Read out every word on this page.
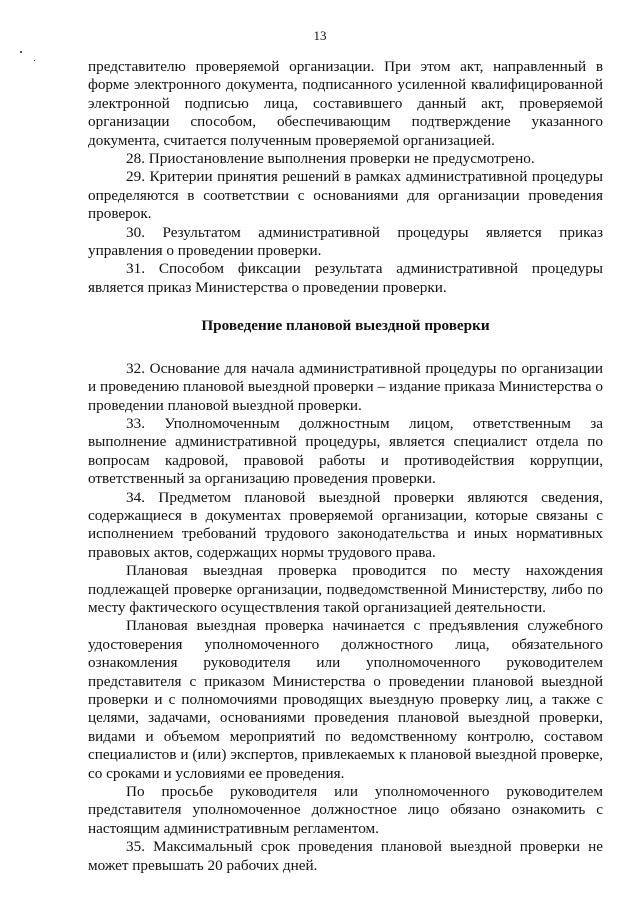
13

представителю проверяемой организации. При этом акт, направленный в форме электронного документа, подписанного усиленной квалифицированной электронной подписью лица, составившего данный акт, проверяемой организации способом, обеспечивающим подтверждение указанного документа, считается полученным проверяемой организацией.

28. Приостановление выполнения проверки не предусмотрено.

29. Критерии принятия решений в рамках административной процедуры определяются в соответствии с основаниями для организации проведения проверок.

30. Результатом административной процедуры является приказ управления о проведении проверки.

31. Способом фиксации результата административной процедуры является приказ Министерства о проведении проверки.

Проведение плановой выездной проверки

32. Основание для начала административной процедуры по организации и проведению плановой выездной проверки – издание приказа Министерства о проведении плановой выездной проверки.

33. Уполномоченным должностным лицом, ответственным за выполнение административной процедуры, является специалист отдела по вопросам кадровой, правовой работы и противодействия коррупции, ответственный за организацию проведения проверки.

34. Предметом плановой выездной проверки являются сведения, содержащиеся в документах проверяемой организации, которые связаны с исполнением требований трудового законодательства и иных нормативных правовых актов, содержащих нормы трудового права.

Плановая выездная проверка проводится по месту нахождения подлежащей проверке организации, подведомственной Министерству, либо по месту фактического осуществления такой организацией деятельности.

Плановая выездная проверка начинается с предъявления служебного удостоверения уполномоченного должностного лица, обязательного ознакомления руководителя или уполномоченного руководителем представителя с приказом Министерства о проведении плановой выездной проверки и с полномочиями проводящих выездную проверку лиц, а также с целями, задачами, основаниями проведения плановой выездной проверки, видами и объемом мероприятий по ведомственному контролю, составом специалистов и (или) экспертов, привлекаемых к плановой выездной проверке, со сроками и условиями ее проведения.

По просьбе руководителя или уполномоченного руководителем представителя уполномоченное должностное лицо обязано ознакомить с настоящим административным регламентом.

35. Максимальный срок проведения плановой выездной проверки не может превышать 20 рабочих дней.
